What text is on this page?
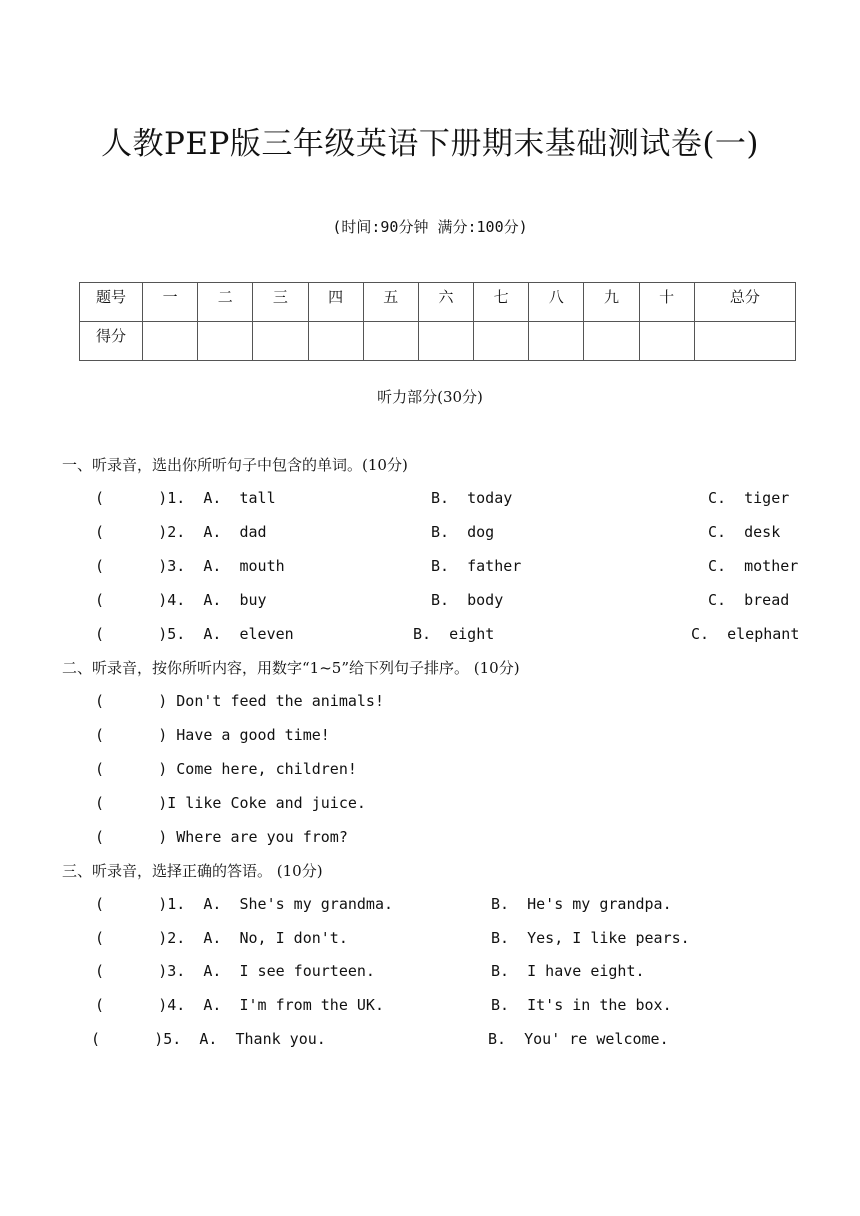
人教PEP版三年级英语下册期末基础测试卷(一)
(时间:90分钟 满分:100分)
题号	一	二	三	四	五	六	七	八	九	十	总分
得分											
听力部分(30分)
一、听录音，选出你所听句子中包含的单词。(10分)
(      )1.  A.  tall	B.  today	C.  tiger
(      )2.  A.  dad	B.  dog	C.  desk
(      )3.  A.  mouth	B.  father	C.  mother
(      )4.  A.  buy	B.  body	C.  bread
(      )5.  A.  eleven	B.  eight	C.  elephant
二、听录音，按你所听内容，用数字“1~5”给下列句子排序。 (10分)
(      ) Don't feed the animals!
(      ) Have a good time!
(      ) Come here, children!
(      )I like Coke and juice.
(      ) Where are you from?
三、听录音，选择正确的答语。 (10分)
(      )1.  A.  She's my grandma.	B.  He's my grandpa.
(      )2.  A.  No, I don't.	B.  Yes, I like pears.
(      )3.  A.  I see fourteen.	B.  I have eight.
(      )4.  A.  I'm from the UK.	B.  It's in the box.
(      )5.  A.  Thank you.	B.  You' re welcome.
